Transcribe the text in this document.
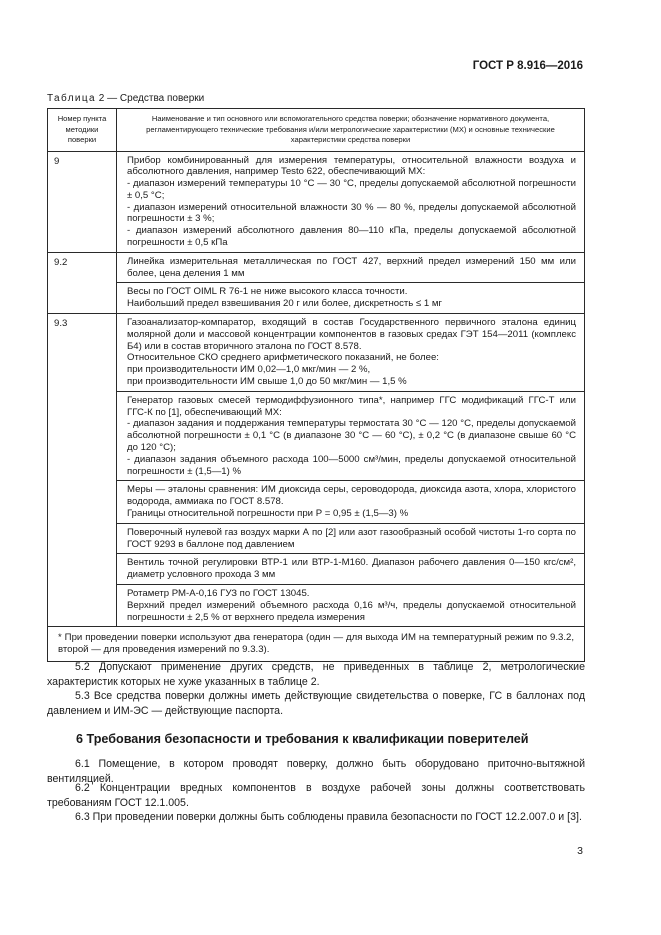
ГОСТ Р 8.916—2016
Таблица 2 — Средства поверки
Номер пункта методики поверки	Наименование и тип основного или вспомогательного средства поверки; обозначение нормативного документа, регламентирующего технические требования и/или метрологические характеристики (МХ) и основные технические характеристики средства поверки
9	Прибор комбинированный для измерения температуры, относительной влажности воздуха и абсолютного давления, например Testo 622, обеспечивающий МХ:
- диапазон измерений температуры 10 °С — 30 °С, пределы допускаемой абсолютной погрешности ± 0,5 °С;
- диапазон измерений относительной влажности 30 % — 80 %, пределы допускаемой абсолютной погрешности ± 3 %;
- диапазон измерений абсолютного давления 80—110 кПа, пределы допускаемой абсолютной погрешности ± 0,5 кПа

9.2	Линейка измерительная металлическая по ГОСТ 427, верхний предел измерений 150 мм или более, цена деления 1 мм

	Весы по ГОСТ OIML R 76-1 не ниже высокого класса точности.
Наибольший предел взвешивания 20 г или более, дискретность ≤ 1 мг

9.3	Газоанализатор-компаратор, входящий в состав Государственного первичного эталона единиц молярной доли и массовой концентрации компонентов в газовых средах ГЭТ 154—2011 (комплекс Б4) или в состав вторичного эталона по ГОСТ 8.578.
Относительное СКО среднего арифметического показаний, не более:
при производительности ИМ 0,02—1,0 мкг/мин — 2 %,
при производительности ИМ свыше 1,0 до 50 мкг/мин — 1,5 %

	Генератор газовых смесей термодиффузионного типа*, например ГГС модификаций ГГС-Т или ГГС-К по [1], обеспечивающий МХ:
- диапазон задания и поддержания температуры термостата 30 °С — 120 °С, пределы допускаемой абсолютной погрешности ± 0,1 °С (в диапазоне 30 °С — 60 °С), ± 0,2 °С (в диапазоне свыше 60 °С до 120 °С);
- диапазон задания объемного расхода 100—5000 см³/мин, пределы допускаемой относительной погрешности ± (1,5—1) %

	Меры — эталоны сравнения: ИМ диоксида серы, сероводорода, диоксида азота, хлора, хлористого водорода, аммиака по ГОСТ 8.578.
Границы относительной погрешности при Р = 0,95 ± (1,5—3) %

	Поверочный нулевой газ воздух марки А по [2] или азот газообразный особой чистоты 1-го сорта по ГОСТ 9293 в баллоне под давлением

	Вентиль точной регулировки ВТР-1 или ВТР-1-М160. Диапазон рабочего давления 0—150 кгс/см², диаметр условного прохода 3 мм

	Ротаметр РМ-А-0,16 ГУЗ по ГОСТ 13045.
Верхний предел измерений объемного расхода 0,16 м³/ч, пределы допускаемой относительной погрешности ± 2,5 % от верхнего предела измерения

* При проведении поверки используют два генератора (один — для выхода ИМ на температурный режим по 9.3.2, второй — для проведения измерений по 9.3.3).	
5.2 Допускают применение других средств, не приведенных в таблице 2, метрологические характеристик которых не хуже указанных в таблице 2.
5.3 Все средства поверки должны иметь действующие свидетельства о поверке, ГС в баллонах под давлением и ИМ-ЭС — действующие паспорта.
6 Требования безопасности и требования к квалификации поверителей
6.1 Помещение, в котором проводят поверку, должно быть оборудовано приточно-вытяжной вентиляцией.
6.2 Концентрации вредных компонентов в воздухе рабочей зоны должны соответствовать требованиям ГОСТ 12.1.005.
6.3 При проведении поверки должны быть соблюдены правила безопасности по ГОСТ 12.2.007.0 и [3].
3
